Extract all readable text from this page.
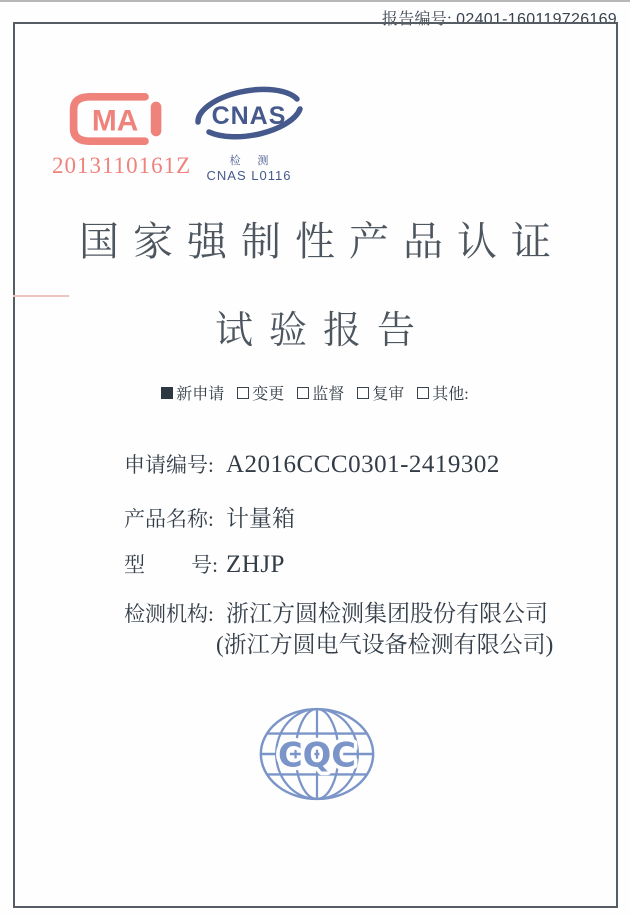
报告编号: 02401-160119726169
MA
2013110161Z
CNAS
检 测
CNAS L0116
国家强制性产品认证
试验报告
新申请 变更 监督 复审 其他:
申请编号: A2016CCC0301-2419302
产品名称: 计量箱
型 号: ZHJP
检测机构: 浙江方圆检测集团股份有限公司
(浙江方圆电气设备检测有限公司)
CQC
